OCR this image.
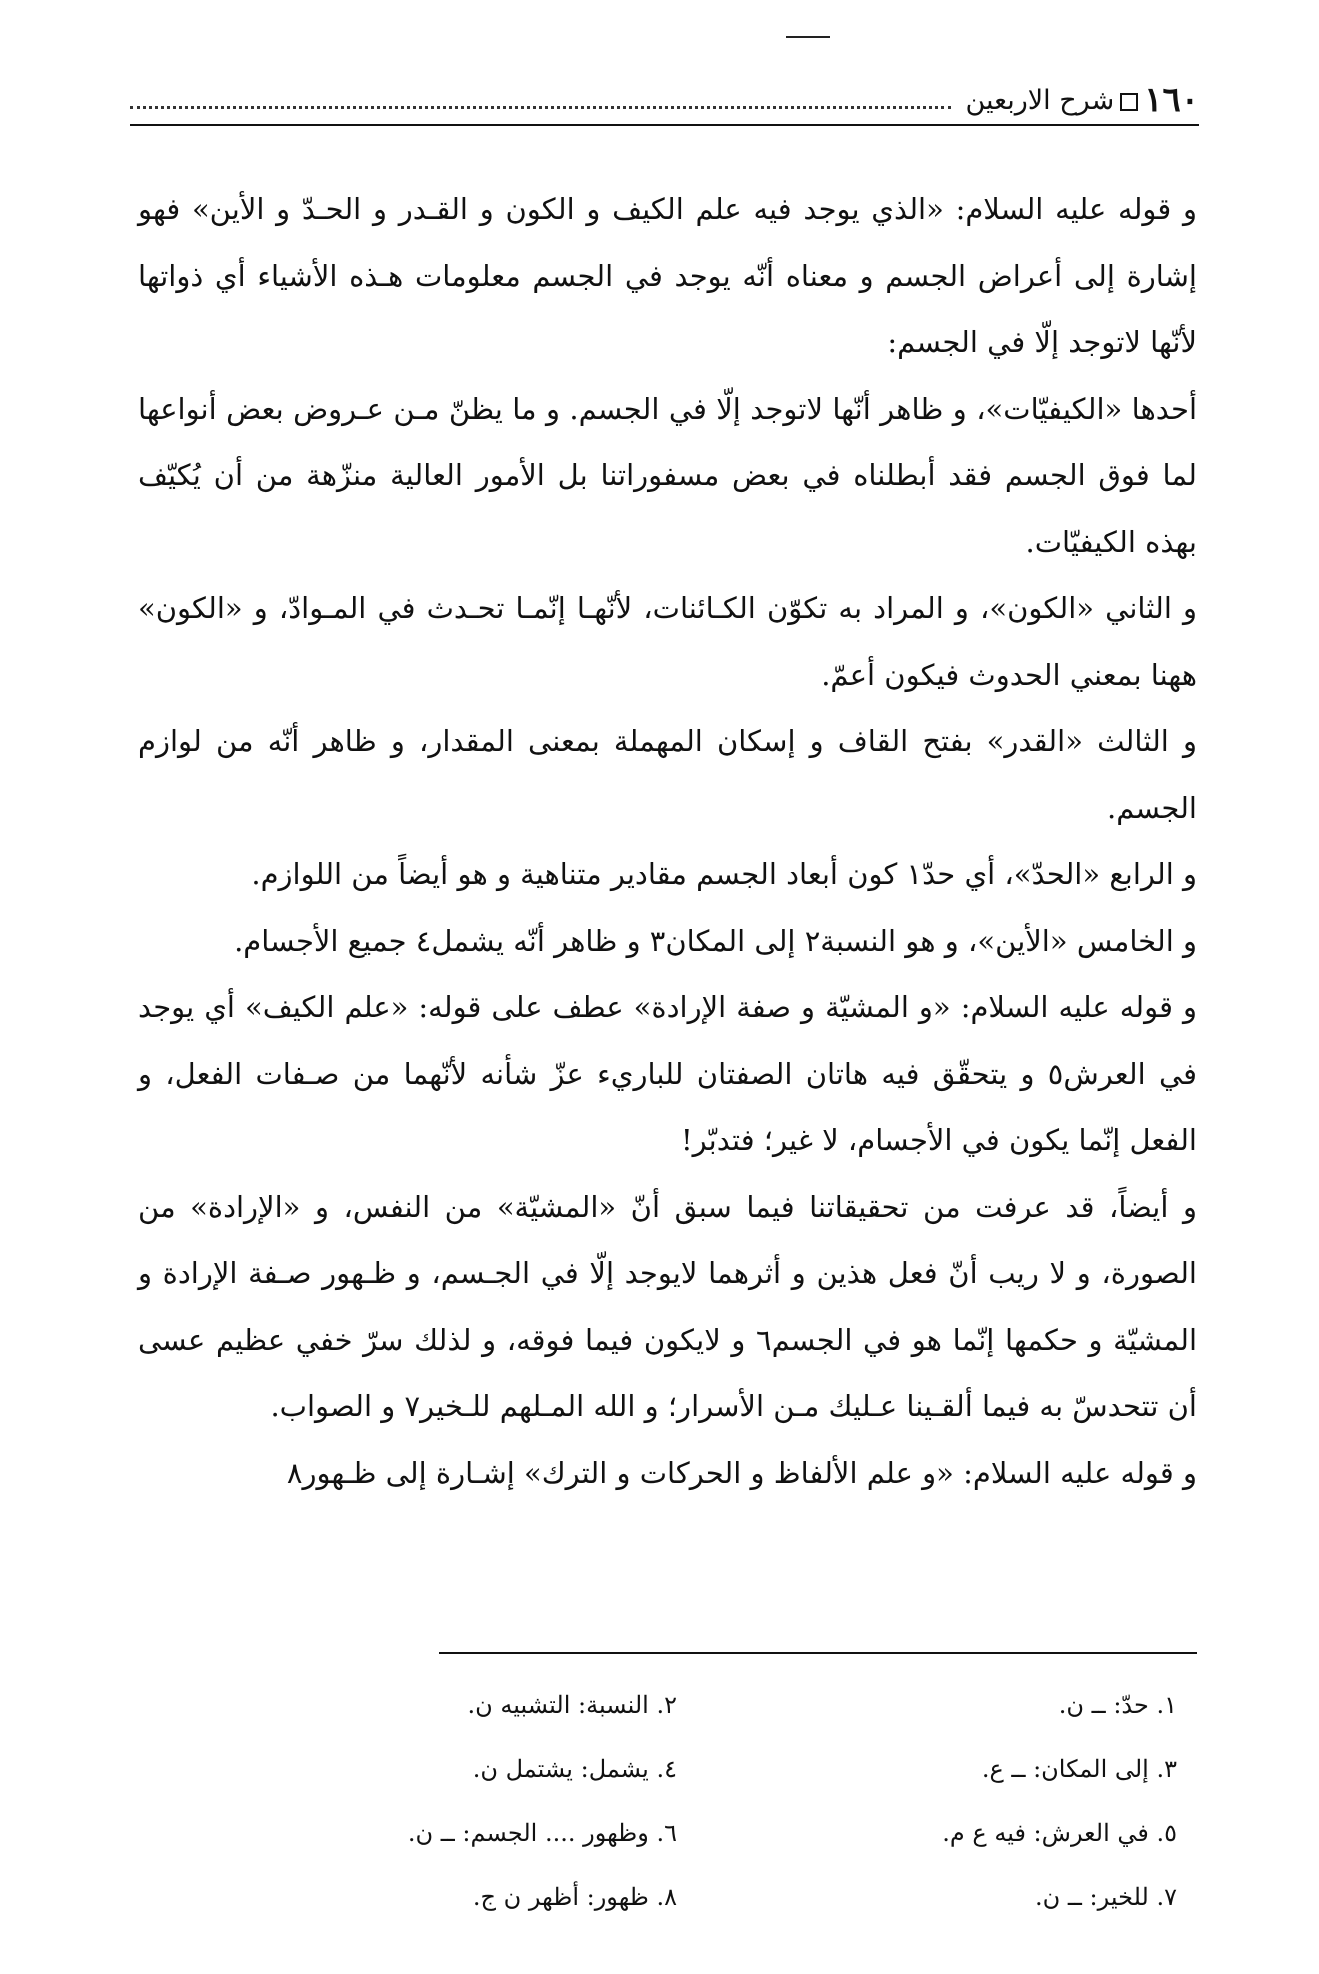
١٦٠
شرح الاربعين

و قوله عليه السلام: «الذي يوجد فيه علم الكيف و الكون و القـدر و الحـدّ و الأين» فهو إشارة إلى أعراض الجسم و معناه أنّه يوجد في الجسم معلومات هـذه الأشياء أي ذواتها لأنّها لاتوجد إلّا في الجسم:

أحدها «الكيفيّات»، و ظاهر أنّها لاتوجد إلّا في الجسم. و ما يظنّ مـن عـروض بعض أنواعها لما فوق الجسم فقد أبطلناه في بعض مسفوراتنا بل الأمور العالية منزّهة من أن يُكيّف بهذه الكيفيّات.

و الثاني «الكون»، و المراد به تكوّن الكـائنات، لأنّهـا إنّمـا تحـدث في المـوادّ، و «الكون» ههنا بمعني الحدوث فيكون أعمّ.

و الثالث «القدر» بفتح القاف و إسكان المهملة بمعنى المقدار، و ظاهر أنّه من لوازم الجسم.

و الرابع «الحدّ»، أي حدّ١ كون أبعاد الجسم مقادير متناهية و هو أيضاً من اللوازم.

و الخامس «الأين»، و هو النسبة٢ إلى المكان٣ و ظاهر أنّه يشمل٤ جميع الأجسام.

و قوله عليه السلام: «و المشيّة و صفة الإرادة» عطف على قوله: «علم الكيف» أي يوجد في العرش٥ و يتحقّق فيه هاتان الصفتان للباريء عزّ شأنه لأنّهما من صـفات الفعل، و الفعل إنّما يكون في الأجسام، لا غير؛ فتدبّر!

و أيضاً، قد عرفت من تحقيقاتنا فيما سبق أنّ «المشيّة» من النفس، و «الإرادة» من الصورة، و لا ريب أنّ فعل هذين و أثرهما لايوجد إلّا في الجـسم، و ظـهور صـفة الإرادة و المشيّة و حكمها إنّما هو في الجسم٦ و لايكون فيما فوقه، و لذلك سرّ خفي عظيم عسى أن تتحدسّ به فيما ألقـينا عـليك مـن الأسرار؛ و الله المـلهم للـخير٧ و الصواب.

و قوله عليه السلام: «و علم الألفاظ و الحركات و الترك» إشـارة إلى ظـهور٨

١. حدّ: ــ ن.
٢. النسبة: التشبيه ن.
٣. إلى المكان: ــ ع.
٤. يشمل: يشتمل ن.
٥. في العرش: فيه ع م.
٦. وظهور .... الجسم: ــ ن.
٧. للخير: ــ ن.
٨. ظهور: أظهر ن ج.
